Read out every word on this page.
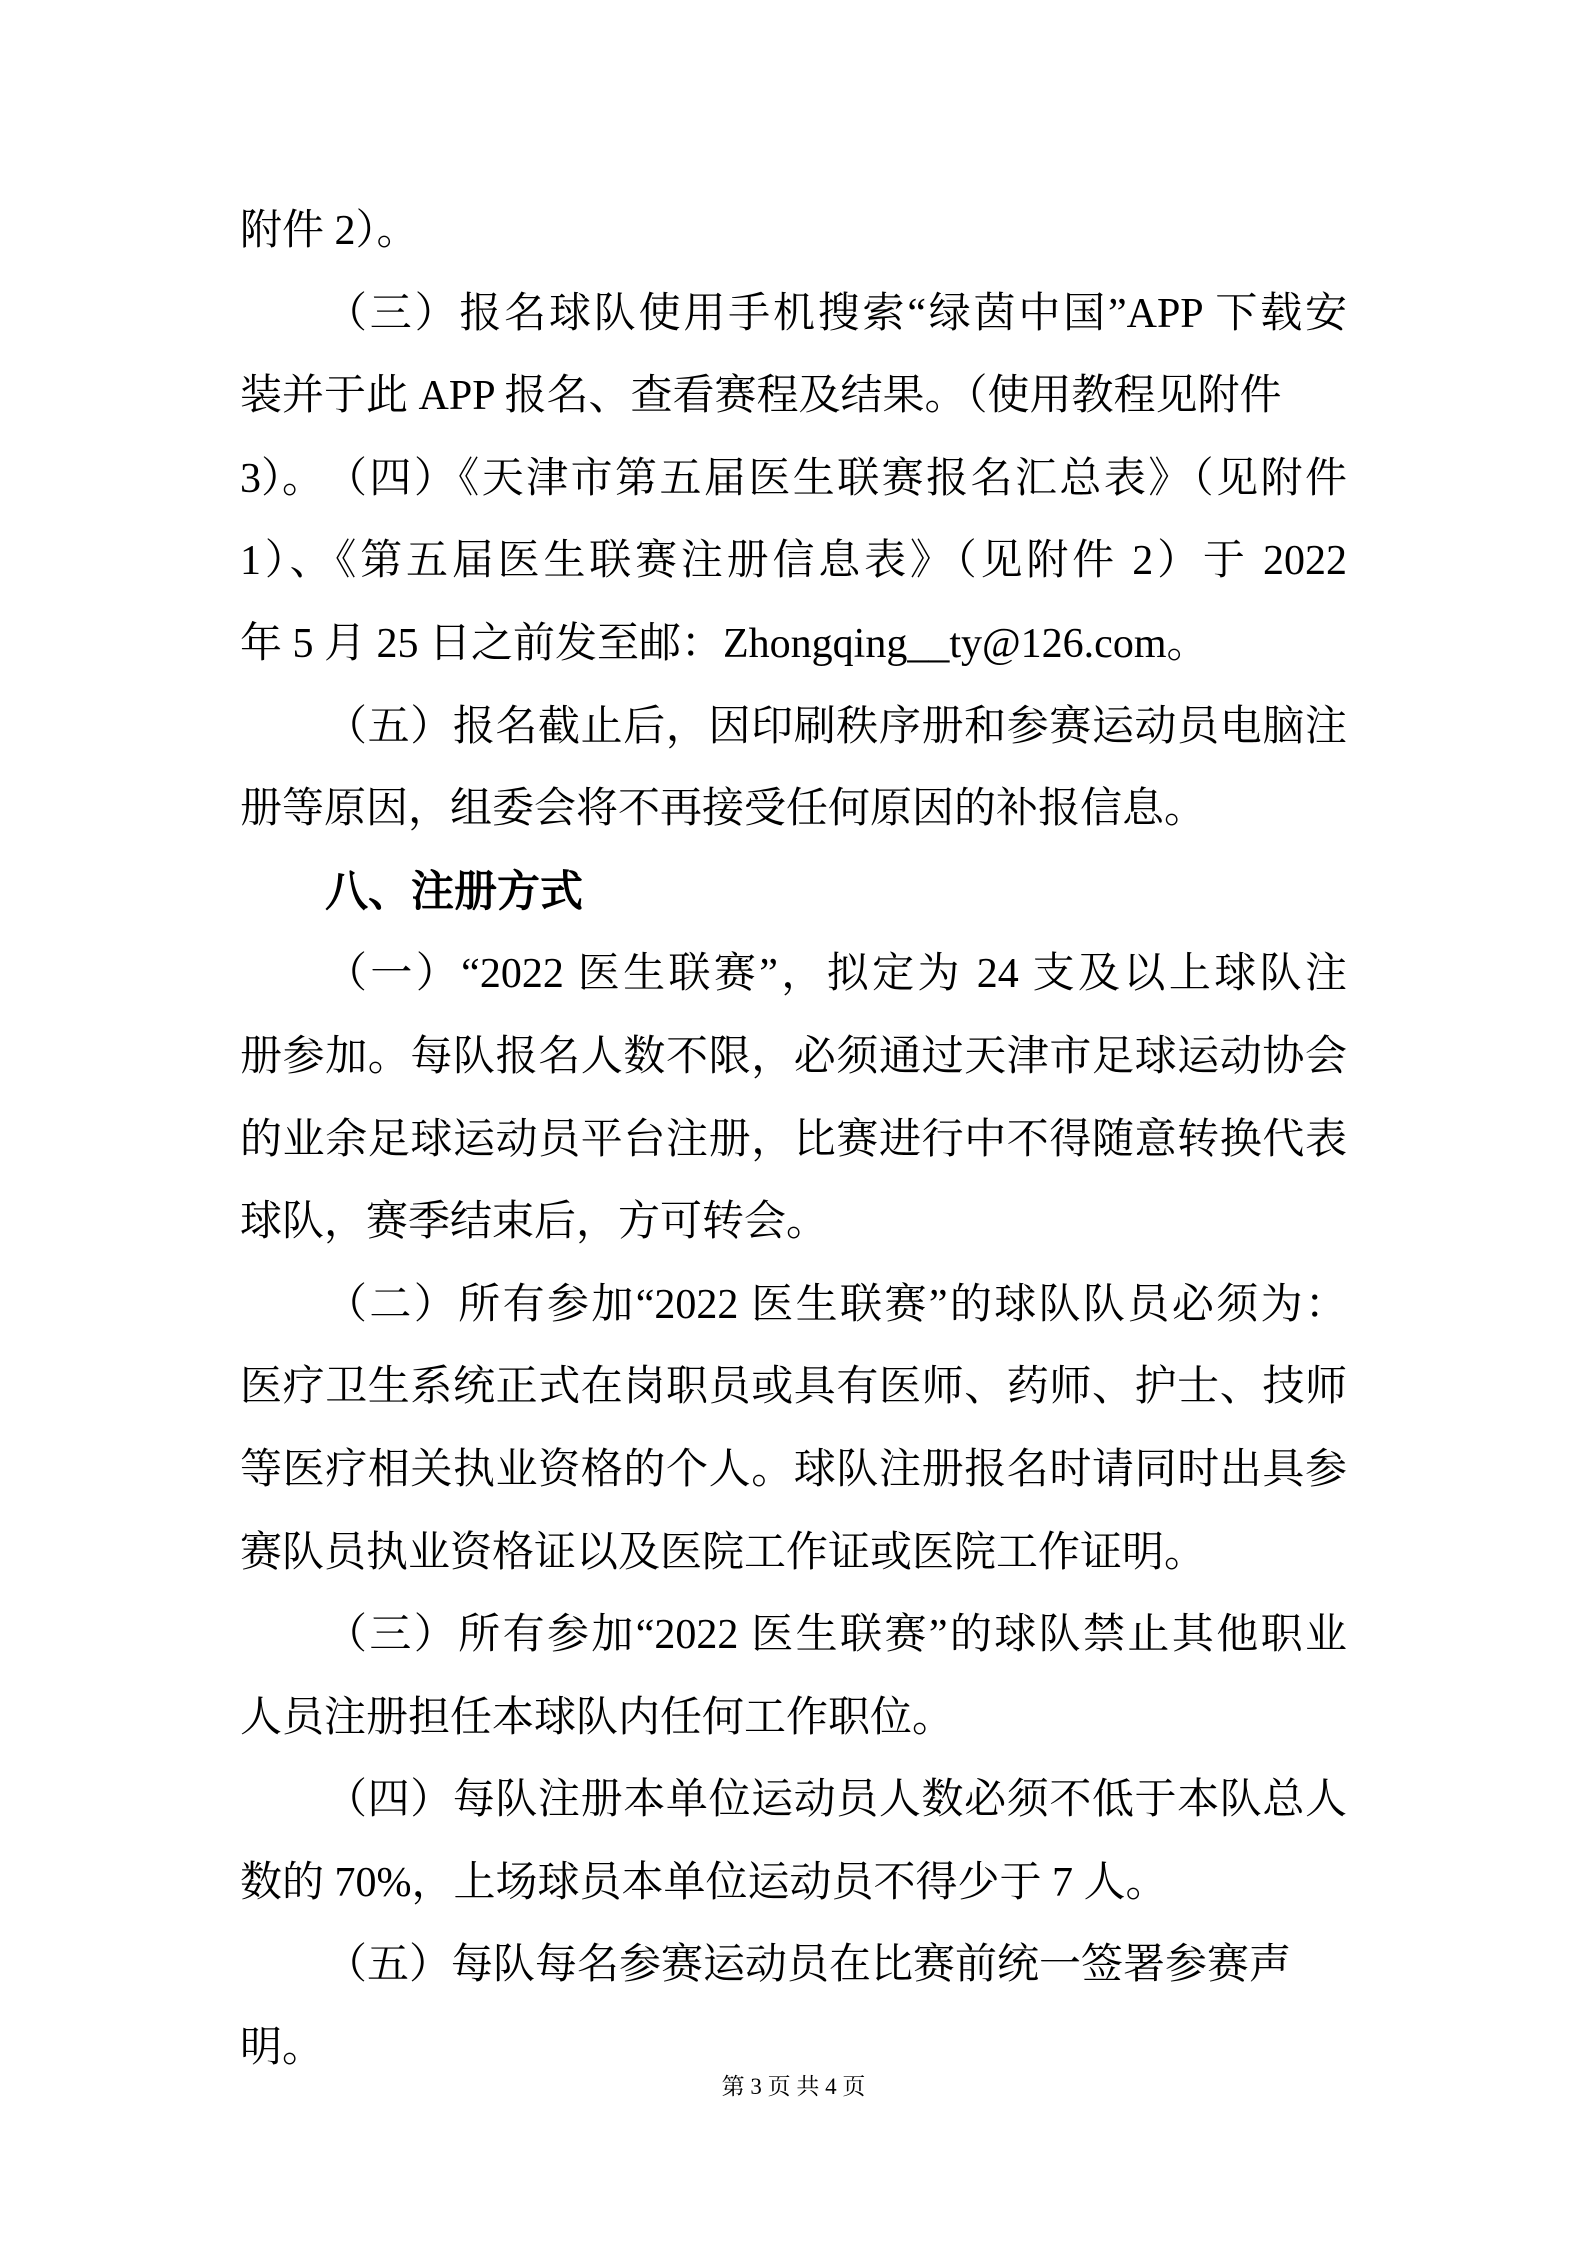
附件 2）。
（三）报名球队使用手机搜索“绿茵中国”APP 下载安
装并于此 APP 报名、查看赛程及结果。（使用教程见附件 3）。 （四）《天津市第五届医生联赛报名汇总表》（见附件
1）、《第五届医生联赛注册信息表》（见附件 2）于 2022
年 5 月 25 日之前发至邮：Zhongqing__ty@126.com。
（五）报名截止后，因印刷秩序册和参赛运动员电脑注
册等原因，组委会将不再接受任何原因的补报信息。
八、注册方式
（一）“2022 医生联赛”，拟定为 24 支及以上球队注
册参加。每队报名人数不限，必须通过天津市足球运动协会
的业余足球运动员平台注册，比赛进行中不得随意转换代表
球队，赛季结束后，方可转会。
（二）所有参加“2022 医生联赛”的球队队员必须为：
医疗卫生系统正式在岗职员或具有医师、药师、护士、技师
等医疗相关执业资格的个人。球队注册报名时请同时出具参
赛队员执业资格证以及医院工作证或医院工作证明。
（三）所有参加“2022 医生联赛”的球队禁止其他职业
人员注册担任本球队内任何工作职位。
（四）每队注册本单位运动员人数必须不低于本队总人
数的 70%，上场球员本单位运动员不得少于 7 人。
（五）每队每名参赛运动员在比赛前统一签署参赛声明。
第 3 页 共 4 页
